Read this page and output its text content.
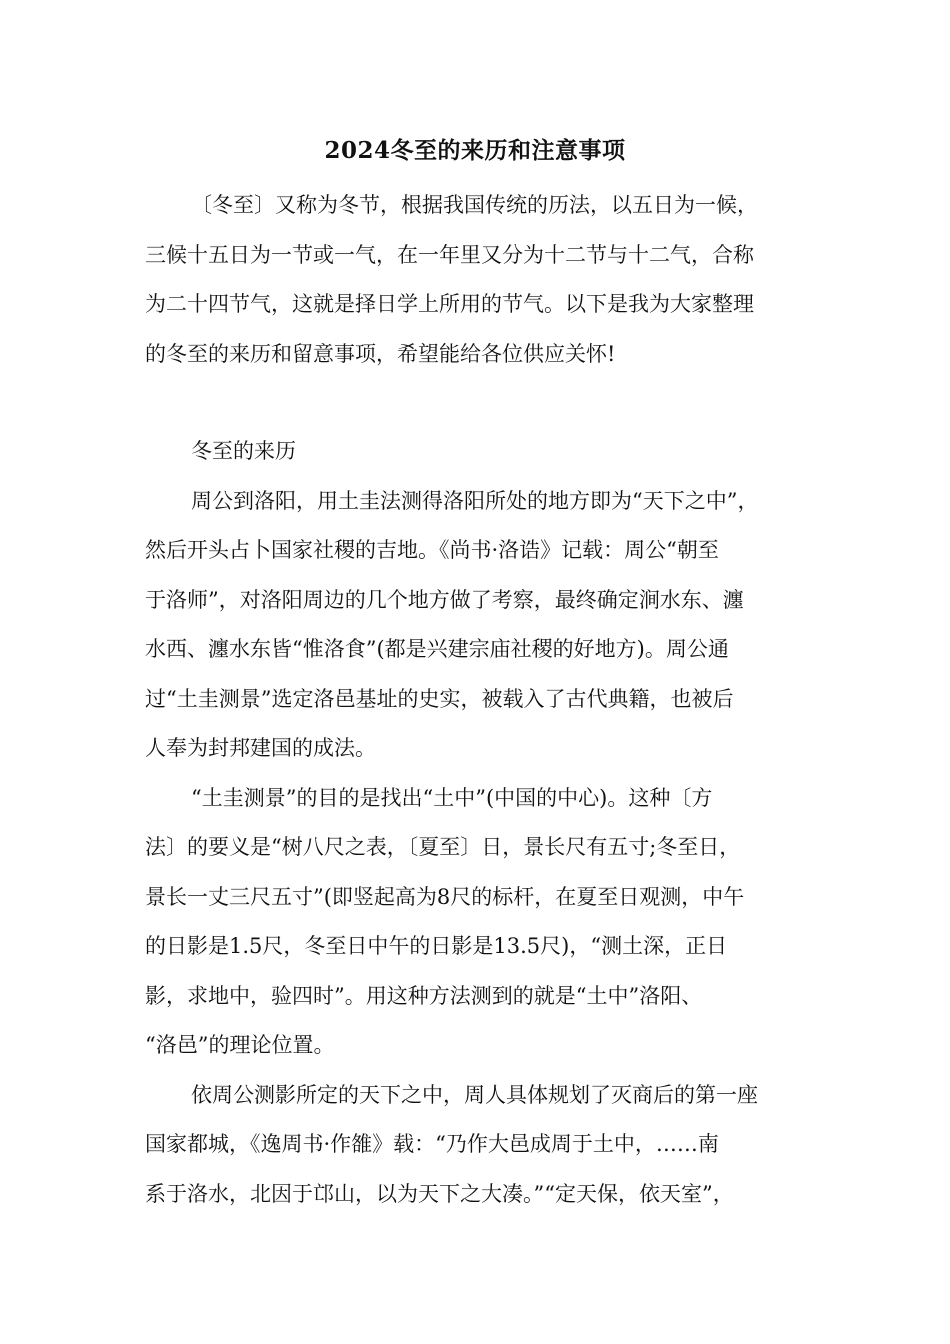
2024冬至的来历和注意事项

〔冬至〕又称为冬节，根据我国传统的历法，以五日为一候，
三候十五日为一节或一气，在一年里又分为十二节与十二气，合称
为二十四节气，这就是择日学上所用的节气。以下是我为大家整理
的冬至的来历和留意事项，希望能给各位供应关怀!

冬至的来历

周公到洛阳，用土圭法测得洛阳所处的地方即为“天下之中”，
然后开头占卜国家社稷的吉地。《尚书·洛诰》记载：周公“朝至
于洛师”，对洛阳周边的几个地方做了考察，最终确定涧水东、瀍
水西、瀍水东皆“惟洛食”(都是兴建宗庙社稷的好地方)。周公通
过“土圭测景”选定洛邑基址的史实，被载入了古代典籍，也被后
人奉为封邦建国的成法。

“土圭测景”的目的是找出“土中”(中国的中心)。这种〔方
法〕的要义是“树八尺之表，〔夏至〕日，景长尺有五寸;冬至日，
景长一丈三尺五寸”(即竖起高为8尺的标杆，在夏至日观测，中午
的日影是1.5尺，冬至日中午的日影是13.5尺)，“测土深，正日
影，求地中，验四时”。用这种方法测到的就是“土中”洛阳、
“洛邑”的理论位置。

依周公测影所定的天下之中，周人具体规划了灭商后的第一座
国家都城，《逸周书·作雒》载：“乃作大邑成周于土中，……南
系于洛水，北因于邙山，以为天下之大凑。”“定天保，依天室”，
